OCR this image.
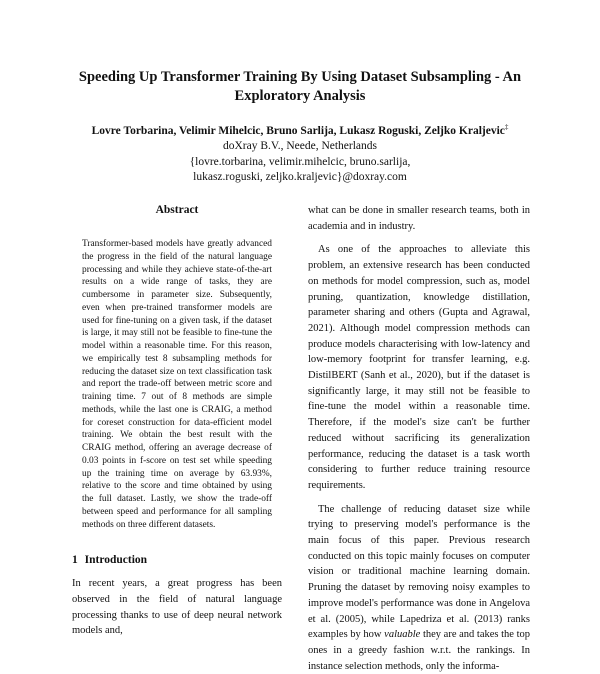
Speeding Up Transformer Training By Using Dataset Subsampling - An Exploratory Analysis
Lovre Torbarina, Velimir Mihelcic, Bruno Sarlija, Lukasz Roguski, Zeljko Kraljevic‡
doXray B.V., Neede, Netherlands
{lovre.torbarina, velimir.mihelcic, bruno.sarlija,
lukasz.roguski, zeljko.kraljevic}@doxray.com
Abstract

Transformer-based models have greatly advanced the progress in the field of the natural language processing and while they achieve state-of-the-art results on a wide range of tasks, they are cumbersome in parameter size. Subsequently, even when pre-trained transformer models are used for fine-tuning on a given task, if the dataset is large, it may still not be feasible to fine-tune the model within a reasonable time. For this reason, we empirically test 8 subsampling methods for reducing the dataset size on text classification task and report the trade-off between metric score and training time. 7 out of 8 methods are simple methods, while the last one is CRAIG, a method for coreset construction for data-efficient model training. We obtain the best result with the CRAIG method, offering an average decrease of 0.03 points in f-score on test set while speeding up the training time on average by 63.93%, relative to the score and time obtained by using the full dataset. Lastly, we show the trade-off between speed and performance for all sampling methods on three different datasets.

1 Introduction

In recent years, a great progress has been observed in the field of natural language processing thanks to use of deep neural network models and,

what can be done in smaller research teams, both in academia and in industry.

As one of the approaches to alleviate this problem, an extensive research has been conducted on methods for model compression, such as, model pruning, quantization, knowledge distillation, parameter sharing and others (Gupta and Agrawal, 2021). Although model compression methods can produce models characterising with low-latency and low-memory footprint for transfer learning, e.g. DistilBERT (Sanh et al., 2020), but if the dataset is significantly large, it may still not be feasible to fine-tune the model within a reasonable time. Therefore, if the model's size can't be further reduced without sacrificing its generalization performance, reducing the dataset is a task worth considering to further reduce training resource requirements.

The challenge of reducing dataset size while trying to preserving model's performance is the main focus of this paper. Previous research conducted on this topic mainly focuses on computer vision or traditional machine learning domain. Pruning the dataset by removing noisy examples to improve model's performance was done in Angelova et al. (2005), while Lapedriza et al. (2013) ranks examples by how valuable they are and takes the top ones in a greedy fashion w.r.t. the rankings. In instance selection methods, only the informa-
